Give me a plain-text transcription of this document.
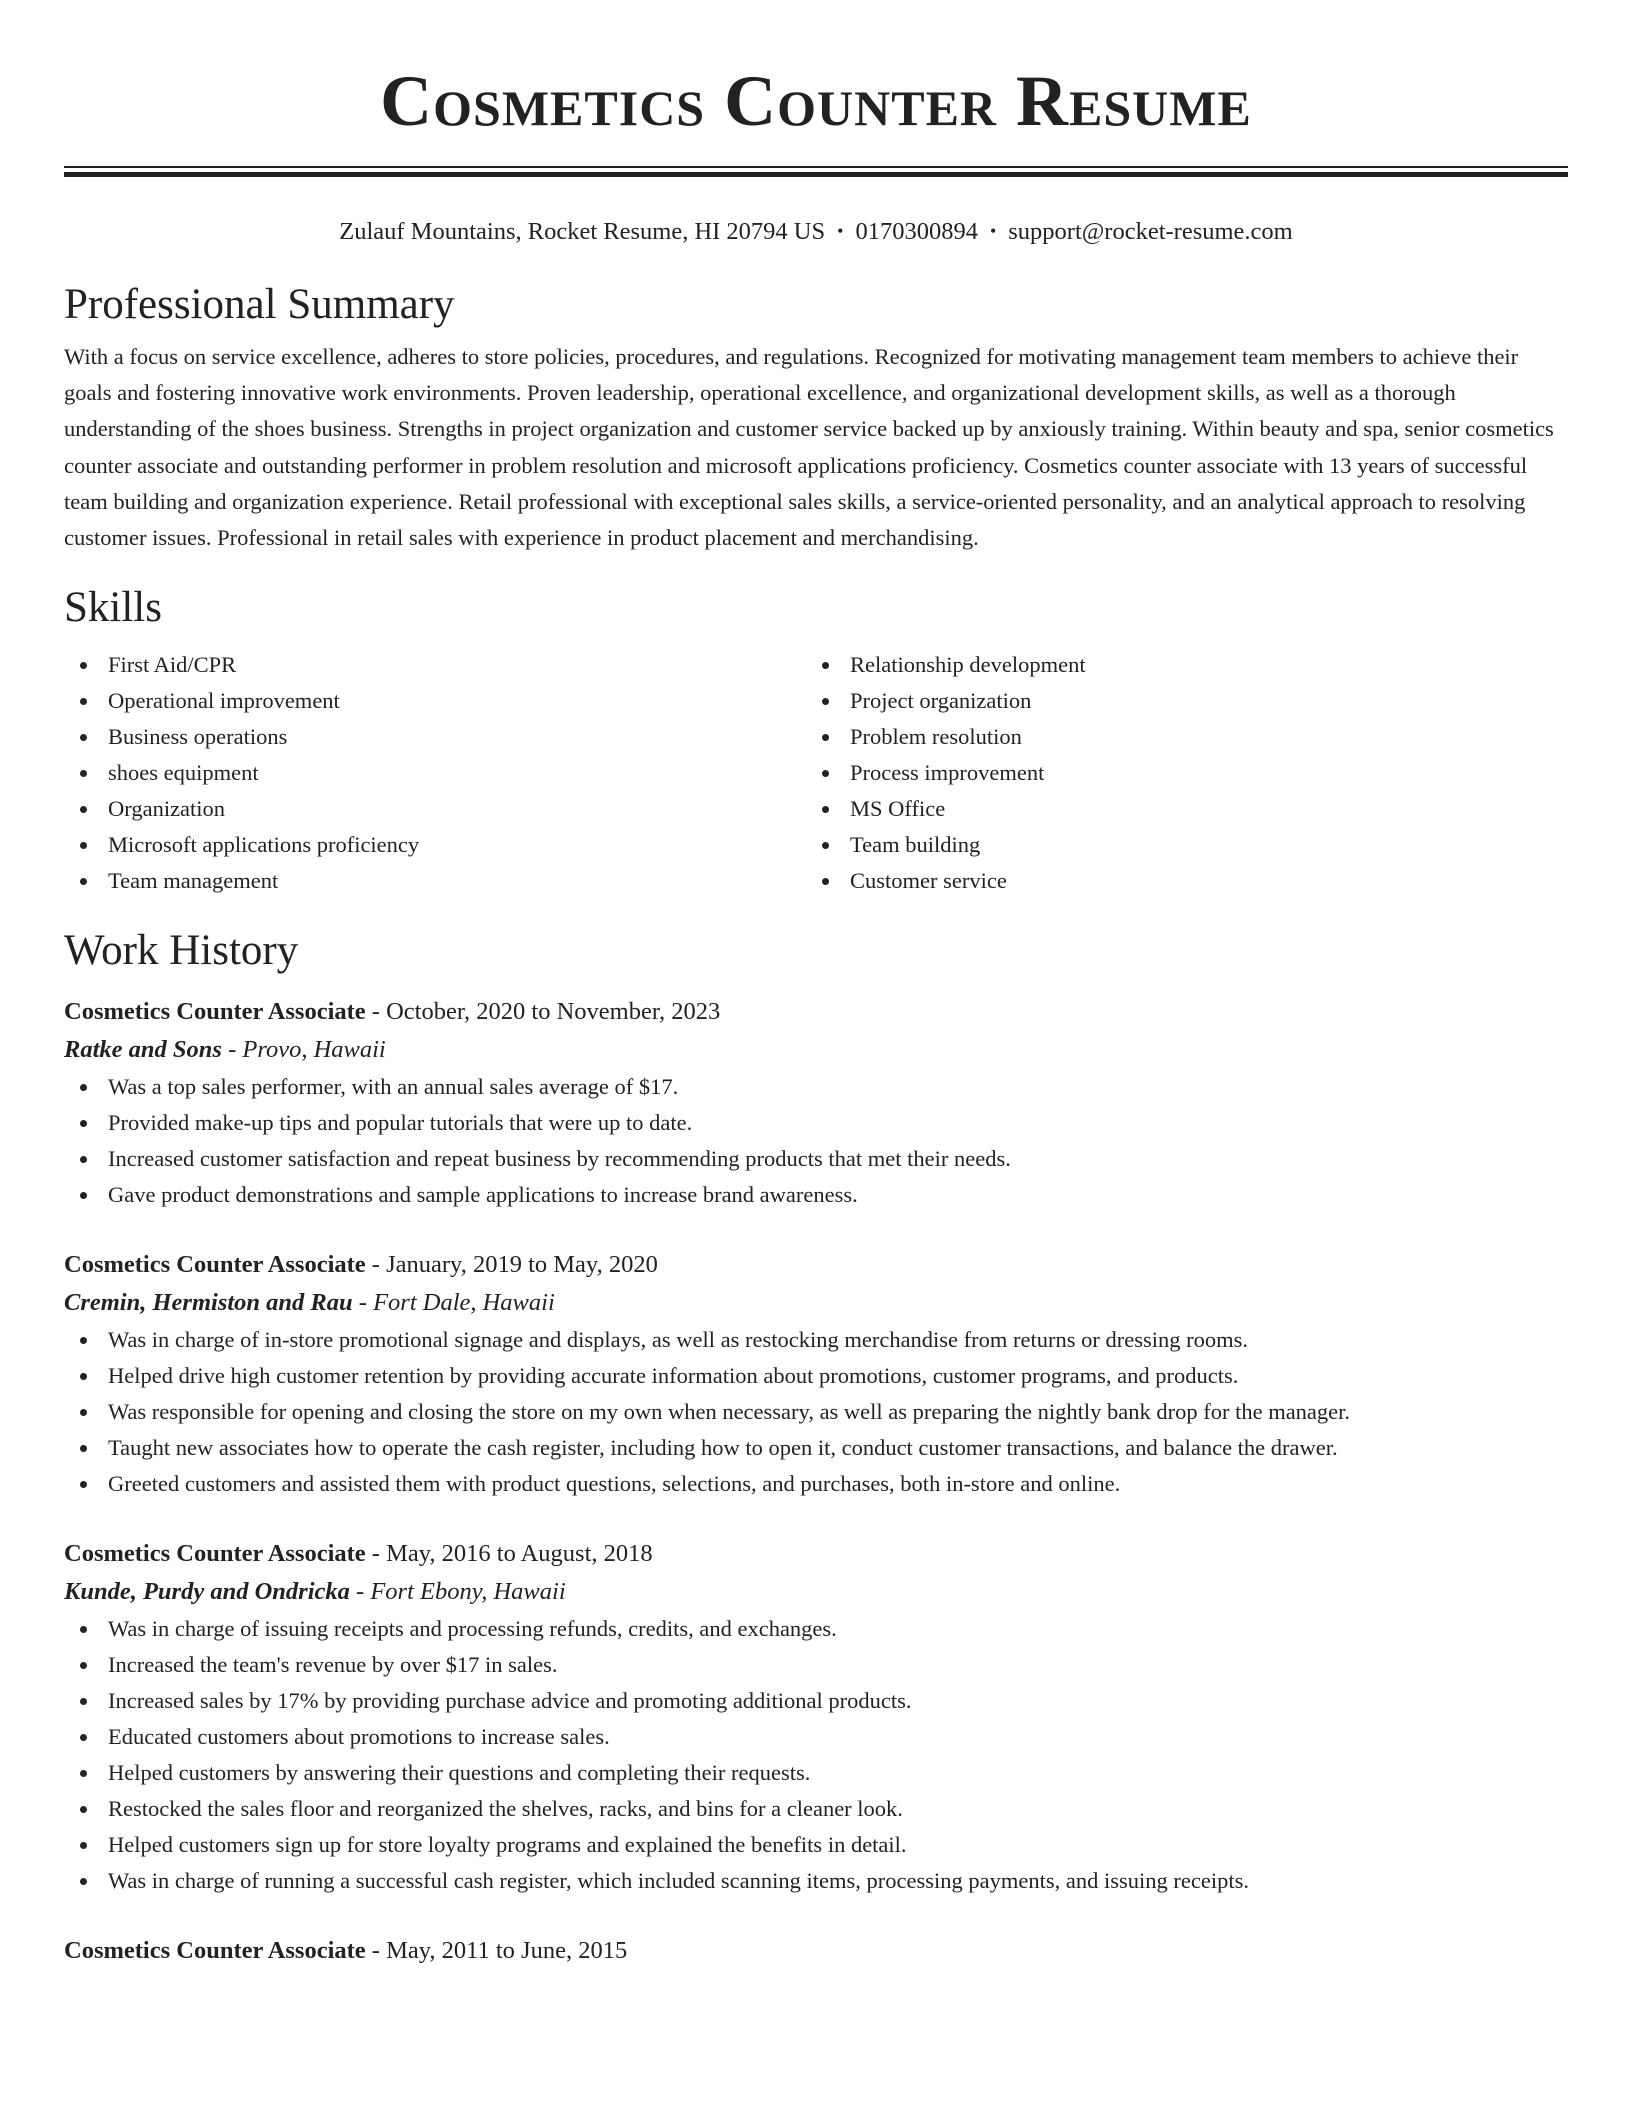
Cosmetics Counter Resume
Zulauf Mountains, Rocket Resume, HI 20794 US • 0170300894 • support@rocket-resume.com
Professional Summary

With a focus on service excellence, adheres to store policies, procedures, and regulations. Recognized for motivating management team members to achieve their goals and fostering innovative work environments. Proven leadership, operational excellence, and organizational development skills, as well as a thorough understanding of the shoes business. Strengths in project organization and customer service backed up by anxiously training. Within beauty and spa, senior cosmetics counter associate and outstanding performer in problem resolution and microsoft applications proficiency. Cosmetics counter associate with 13 years of successful team building and organization experience. Retail professional with exceptional sales skills, a service-oriented personality, and an analytical approach to resolving customer issues. Professional in retail sales with experience in product placement and merchandising.

Skills
First Aid/CPR
Operational improvement
Business operations
shoes equipment
Organization
Microsoft applications proficiency
Team management
Relationship development
Project organization
Problem resolution
Process improvement
MS Office
Team building
Customer service
Work History
Cosmetics Counter Associate - October, 2020 to November, 2023
Ratke and Sons - Provo, Hawaii
Was a top sales performer, with an annual sales average of $17.
Provided make-up tips and popular tutorials that were up to date.
Increased customer satisfaction and repeat business by recommending products that met their needs.
Gave product demonstrations and sample applications to increase brand awareness.
Cosmetics Counter Associate - January, 2019 to May, 2020
Cremin, Hermiston and Rau - Fort Dale, Hawaii
Was in charge of in-store promotional signage and displays, as well as restocking merchandise from returns or dressing rooms.
Helped drive high customer retention by providing accurate information about promotions, customer programs, and products.
Was responsible for opening and closing the store on my own when necessary, as well as preparing the nightly bank drop for the manager.
Taught new associates how to operate the cash register, including how to open it, conduct customer transactions, and balance the drawer.
Greeted customers and assisted them with product questions, selections, and purchases, both in-store and online.
Cosmetics Counter Associate - May, 2016 to August, 2018
Kunde, Purdy and Ondricka - Fort Ebony, Hawaii
Was in charge of issuing receipts and processing refunds, credits, and exchanges.
Increased the team's revenue by over $17 in sales.
Increased sales by 17% by providing purchase advice and promoting additional products.
Educated customers about promotions to increase sales.
Helped customers by answering their questions and completing their requests.
Restocked the sales floor and reorganized the shelves, racks, and bins for a cleaner look.
Helped customers sign up for store loyalty programs and explained the benefits in detail.
Was in charge of running a successful cash register, which included scanning items, processing payments, and issuing receipts.
Cosmetics Counter Associate - May, 2011 to June, 2015
